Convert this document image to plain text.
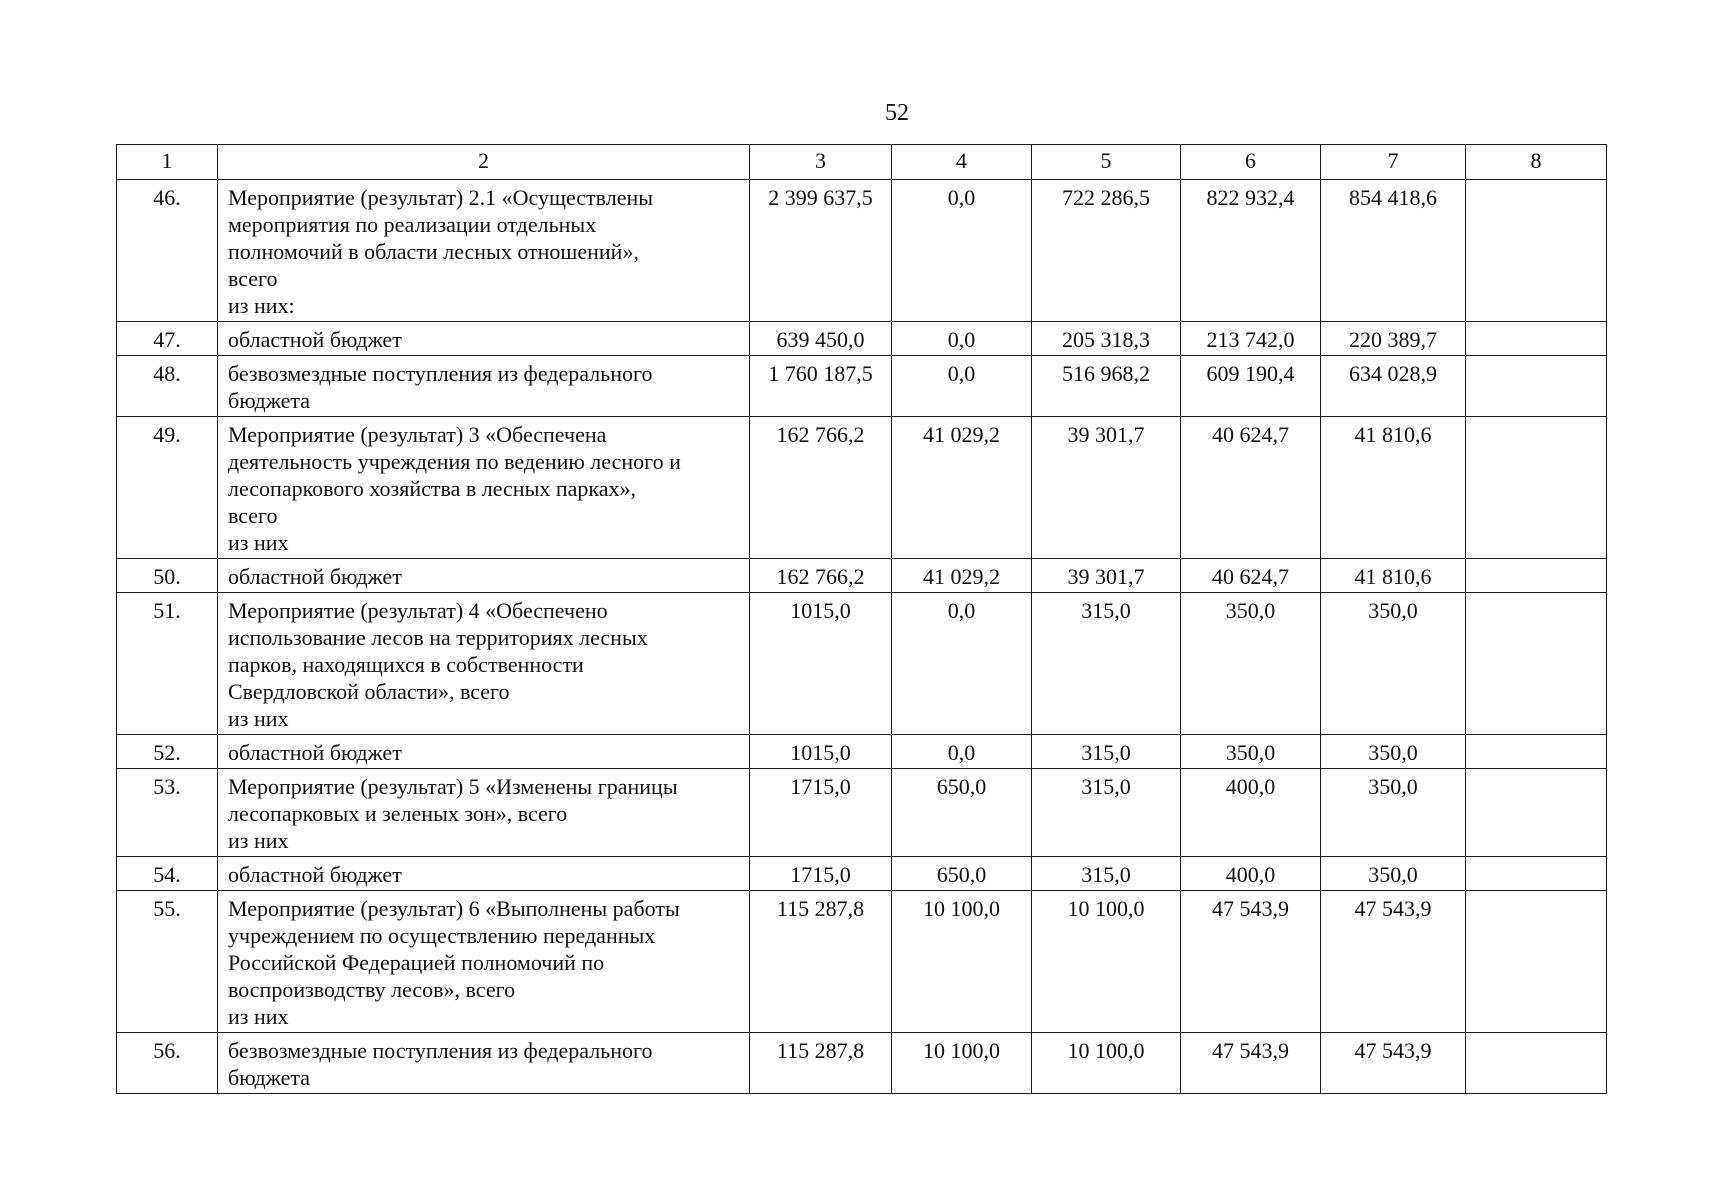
52
1	2	3	4	5	6	7	8
46.	Мероприятие (результат) 2.1 «Осуществлены
мероприятия по реализации отдельных
полномочий в области лесных отношений»,
всего
из них:	2 399 637,5	0,0	722 286,5	822 932,4	854 418,6	
47.	областной бюджет	639 450,0	0,0	205 318,3	213 742,0	220 389,7	
48.	безвозмездные поступления из федерального
бюджета	1 760 187,5	0,0	516 968,2	609 190,4	634 028,9	
49.	Мероприятие (результат) 3 «Обеспечена
деятельность учреждения по ведению лесного и
лесопаркового хозяйства в лесных парках»,
всего
из них	162 766,2	41 029,2	39 301,7	40 624,7	41 810,6	
50.	областной бюджет	162 766,2	41 029,2	39 301,7	40 624,7	41 810,6	
51.	Мероприятие (результат) 4 «Обеспечено
использование лесов на территориях лесных
парков, находящихся в собственности
Свердловской области», всего
из них	1015,0	0,0	315,0	350,0	350,0	
52.	областной бюджет	1015,0	0,0	315,0	350,0	350,0	
53.	Мероприятие (результат) 5 «Изменены границы
лесопарковых и зеленых зон», всего
из них	1715,0	650,0	315,0	400,0	350,0	
54.	областной бюджет	1715,0	650,0	315,0	400,0	350,0	
55.	Мероприятие (результат) 6 «Выполнены работы
учреждением по осуществлению переданных
Российской Федерацией полномочий по
воспроизводству лесов», всего
из них	115 287,8	10 100,0	10 100,0	47 543,9	47 543,9	
56.	безвозмездные поступления из федерального
бюджета	115 287,8	10 100,0	10 100,0	47 543,9	47 543,9	
